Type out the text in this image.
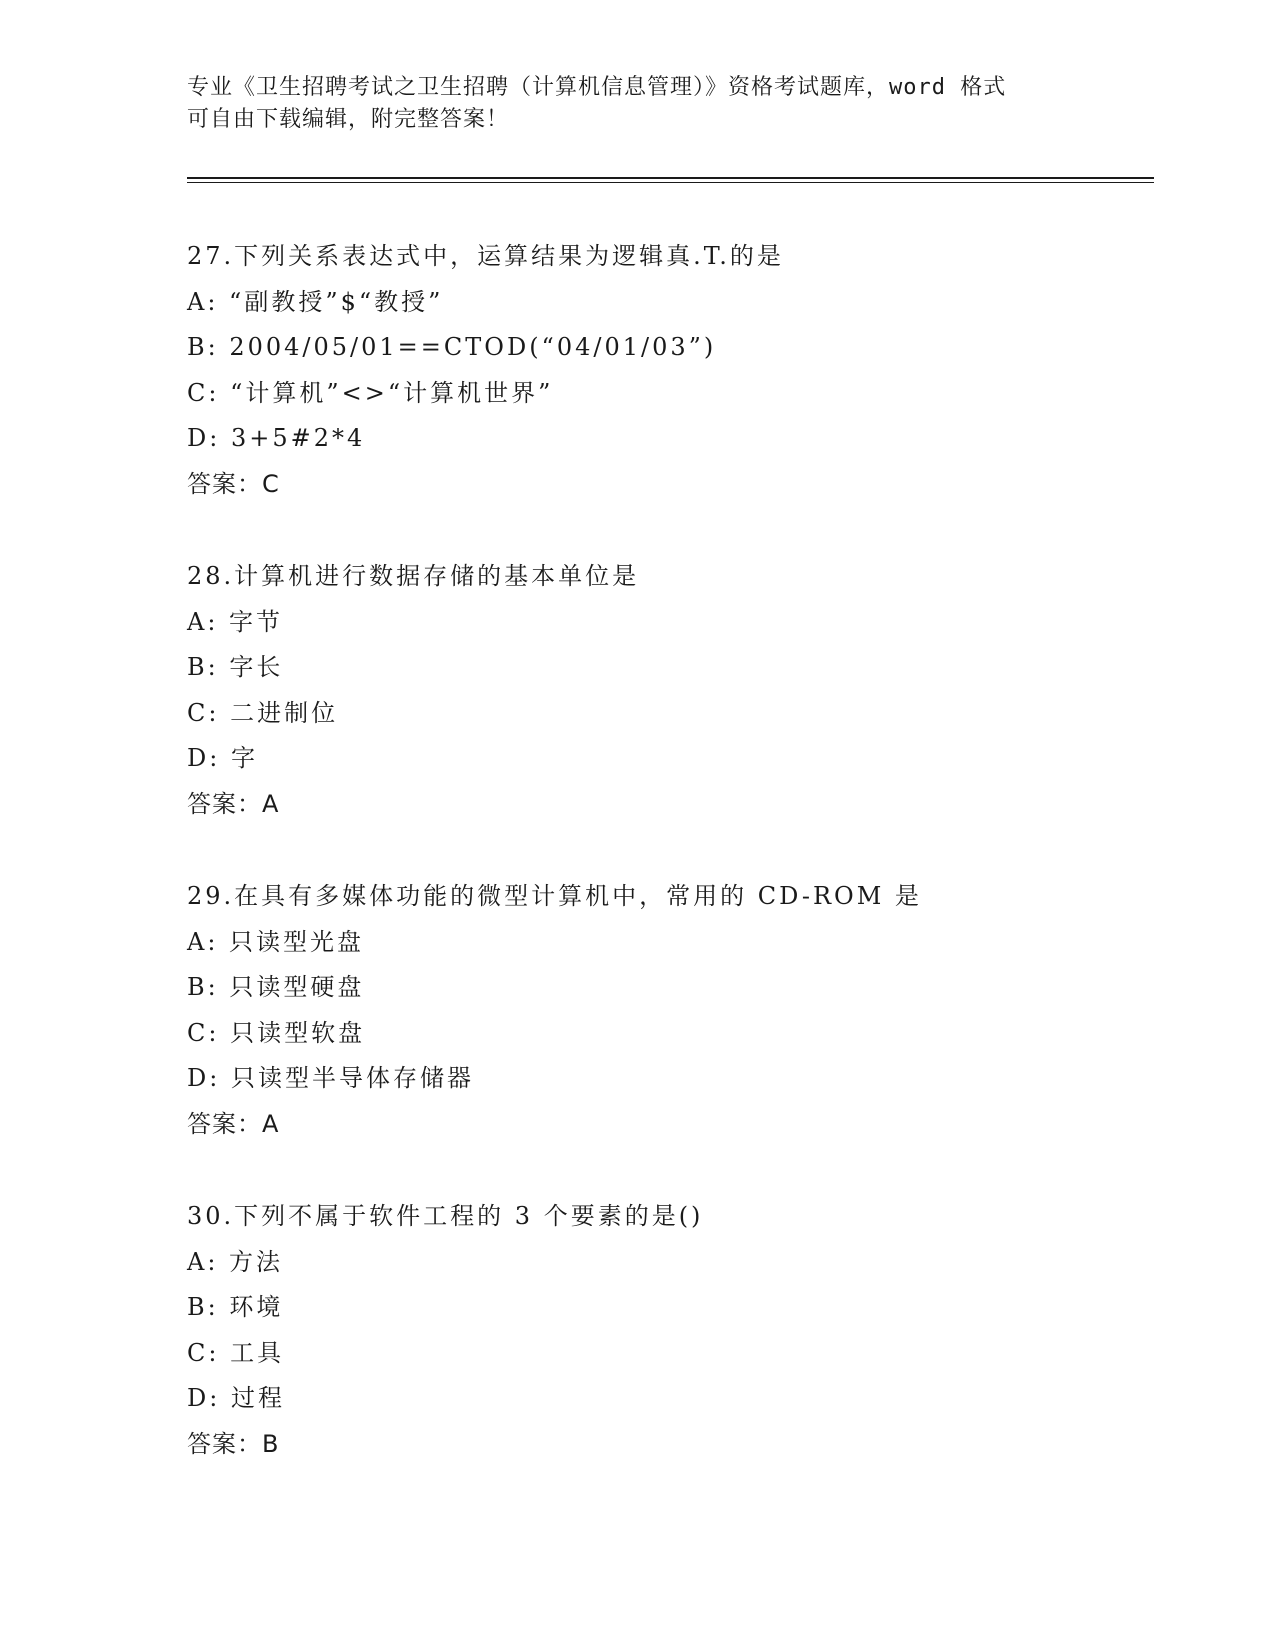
专业《卫生招聘考试之卫生招聘（计算机信息管理）》资格考试题库，word 格式
可自由下载编辑，附完整答案！
27.下列关系表达式中，运算结果为逻辑真.T.的是
A: “副教授”$“教授”
B: 2004/05/01==CTOD(“04/01/03”)
C: “计算机”<>“计算机世界”
D: 3+5#2*4
答案：C
28.计算机进行数据存储的基本单位是
A: 字节
B: 字长
C: 二进制位
D: 字
答案：A
29.在具有多媒体功能的微型计算机中，常用的 CD-ROM 是
A: 只读型光盘
B: 只读型硬盘
C: 只读型软盘
D: 只读型半导体存储器
答案：A
30.下列不属于软件工程的 3 个要素的是()
A: 方法
B: 环境
C: 工具
D: 过程
答案：B
